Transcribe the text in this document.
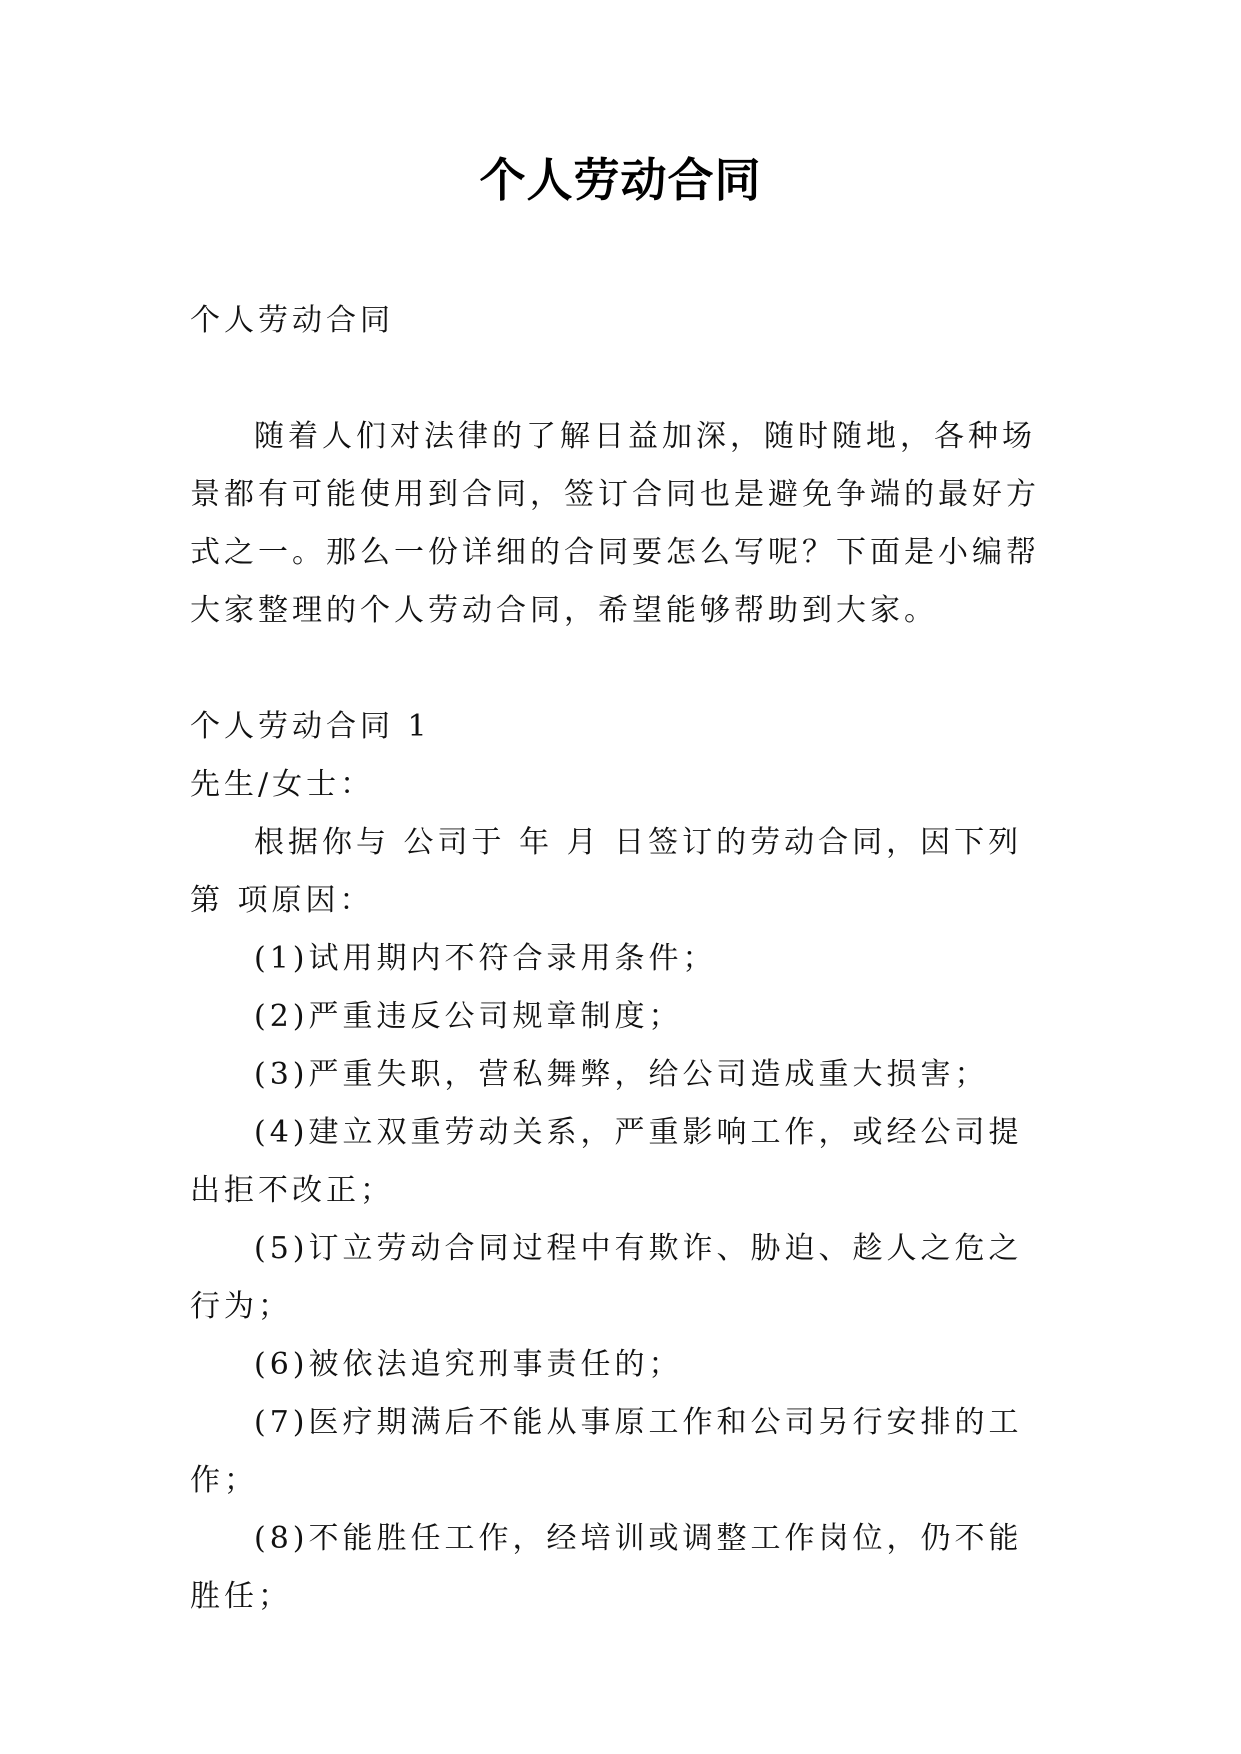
个人劳动合同

个人劳动合同

随着人们对法律的了解日益加深，随时随地，各种场景都有可能使用到合同，签订合同也是避免争端的最好方式之一。那么一份详细的合同要怎么写呢？下面是小编帮大家整理的个人劳动合同，希望能够帮助到大家。

个人劳动合同 1

先生/女士：

根据你与 公司于 年 月 日签订的劳动合同，因下列第 项原因：

(1)试用期内不符合录用条件；

(2)严重违反公司规章制度；

(3)严重失职，营私舞弊，给公司造成重大损害；

(4)建立双重劳动关系，严重影响工作，或经公司提出拒不改正；

(5)订立劳动合同过程中有欺诈、胁迫、趁人之危之行为；

(6)被依法追究刑事责任的；

(7)医疗期满后不能从事原工作和公司另行安排的工作；

(8)不能胜任工作，经培训或调整工作岗位，仍不能胜任；
